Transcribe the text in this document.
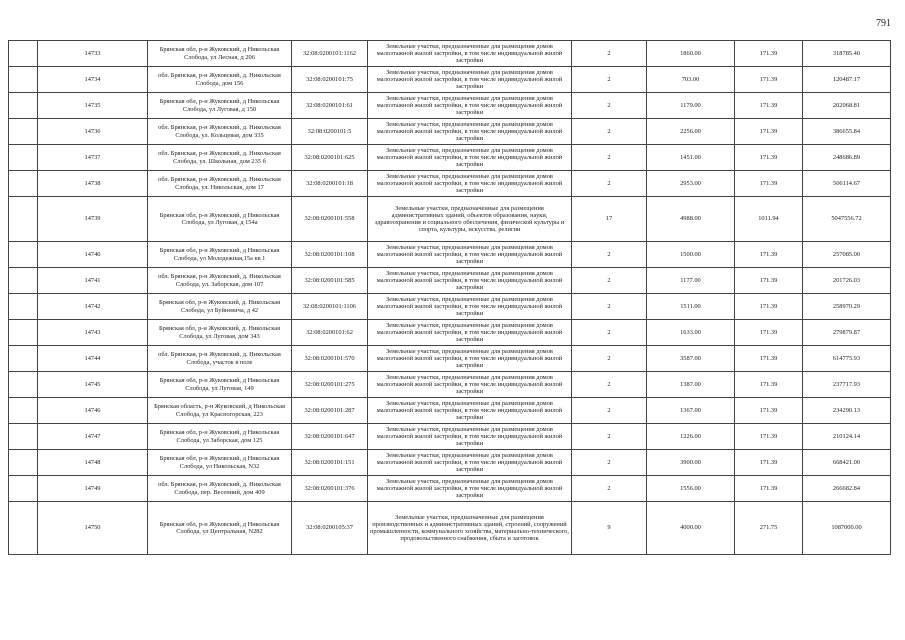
791
	14733	Брянская обл, р-н Жуковский, д Никольская Слобода, ул Лесная, д 206	32:08:0200101:1162	Земельные участки, предназначенные для размещения домов малоэтажной жилой застройки, в том числе индивидуальной жилой застройки	2	1860.00	171.39	318785.40
	14734	обл. Брянская, р-н Жуковский, д. Никольская Слобода, дом 156	32:08:0200101:75	Земельные участки, предназначенные для размещения домов малоэтажной жилой застройки, в том числе индивидуальной жилой застройки	2	703.00	171.39	120487.17
	14735	Брянская обл, р-н Жуковский, д Никольская Слобода, ул Луговая, д 150	32:08:0200101:61	Земельные участки, предназначенные для размещения домов малоэтажной жилой застройки, в том числе индивидуальной жилой застройки	2	1179.00	171.39	202068.81
	14736	обл. Брянская, р-н Жуковский, д. Никольская Слобода, ул. Кольцевая, дом 335	32:08:0200101:5	Земельные участки, предназначенные для размещения домов малоэтажной жилой застройки, в том числе индивидуальной жилой застройки	2	2256.00	171.39	386655.84
	14737	обл. Брянская, р-н Жуковский, д. Никольская Слобода, ул. Школьная, дом 235 б	32:08:0200101:625	Земельные участки, предназначенные для размещения домов малоэтажной жилой застройки, в том числе индивидуальной жилой застройки	2	1451.00	171.39	248686.89
	14738	обл. Брянская, р-н Жуковский, д. Никольская Слобода, ул. Никольская, дом 17	32:08:0200101:18	Земельные участки, предназначенные для размещения домов малоэтажной жилой застройки, в том числе индивидуальной жилой застройки	2	2953.00	171.39	506114.67
	14739	Брянская обл, р-н Жуковский, д Никольская Слобода, ул Луговая, д 154а	32:08:0200101:558	Земельные участки, предназначенные для размещения административных зданий, объектов образования, науки, здравоохранения и социального обеспечения, физической культуры и спорта, культуры, искусства, религии	17	4988.00	1011.94	5047556.72
	14740	Брянская обл, р-н Жуковский, д Никольская Слобода, ул Молодежная,15а кв 1	32:08:0200101:108	Земельные участки, предназначенные для размещения домов малоэтажной жилой застройки, в том числе индивидуальной жилой застройки	2	1500.00	171.39	257085.00
	14741	обл. Брянская, р-н Жуковский, д. Никольская Слобода, ул. Заборская, дом 107	32:08:0200101:585	Земельные участки, предназначенные для размещения домов малоэтажной жилой застройки, в том числе индивидуальной жилой застройки	2	1177.00	171.39	201726.03
	14742	Брянская обл, р-н Жуковский, д. Никольская Слобода, ул Буйневича, д 42	32:08:0200101:1106	Земельные участки, предназначенные для размещения домов малоэтажной жилой застройки, в том числе индивидуальной жилой застройки	2	1511.00	171.39	258970.29
	14743	Брянская обл, р-н Жуковский, д. Никольская Слобода, ул Луговая, дом 343	32:08:0200101:62	Земельные участки, предназначенные для размещения домов малоэтажной жилой застройки, в том числе индивидуальной жилой застройки	2	1633.00	171.39	279879.87
	14744	обл. Брянская, р-н Жуковский, д. Никольская Слобода, участок в поле	32:08:0200101:570	Земельные участки, предназначенные для размещения домов малоэтажной жилой застройки, в том числе индивидуальной жилой застройки	2	3587.00	171.39	614775.93
	14745	Брянская обл, р-н Жуковский, д Никольская Слобода, ул Луговая, 149	32:08:0200101:275	Земельные участки, предназначенные для размещения домов малоэтажной жилой застройки, в том числе индивидуальной жилой застройки	2	1387.00	171.39	237717.93
	14746	Брянская область, р-н Жуковский, д Никольская Слобода, ул Красногорская, 223	32:08:0200101:287	Земельные участки, предназначенные для размещения домов малоэтажной жилой застройки, в том числе индивидуальной жилой застройки	2	1367.00	171.39	234290.13
	14747	Брянская обл, р-н Жуковский, д Никольская Слобода, ул Заборская, дом 125	32:08:0200101:647	Земельные участки, предназначенные для размещения домов малоэтажной жилой застройки, в том числе индивидуальной жилой застройки	2	1226.00	171.39	210124.14
	14748	Брянская обл, р-н Жуковский, д Никольская Слобода, ул Никольская, N32	32:08:0200101:151	Земельные участки, предназначенные для размещения домов малоэтажной жилой застройки, в том числе индивидуальной жилой застройки	2	3900.00	171.39	668421.00
	14749	обл. Брянская, р-н Жуковский, д. Никольская Слобода, пер. Весенний, дом 409	32:08:0200101:376	Земельные участки, предназначенные для размещения домов малоэтажной жилой застройки, в том числе индивидуальной жилой застройки	2	1556.00	171.39	266682.84
	14750	Брянская обл, р-н Жуковский, д Никольская Слобода, ул Центральная, N282	32:08:0200105:37	Земельные участки, предназначенные для размещения производственных и административных зданий, строений, сооружений промышленности, коммунального хозяйства, материально-технического, продовольственного снабжения, сбыта и заготовок	9	4000.00	271.75	1087000.00
